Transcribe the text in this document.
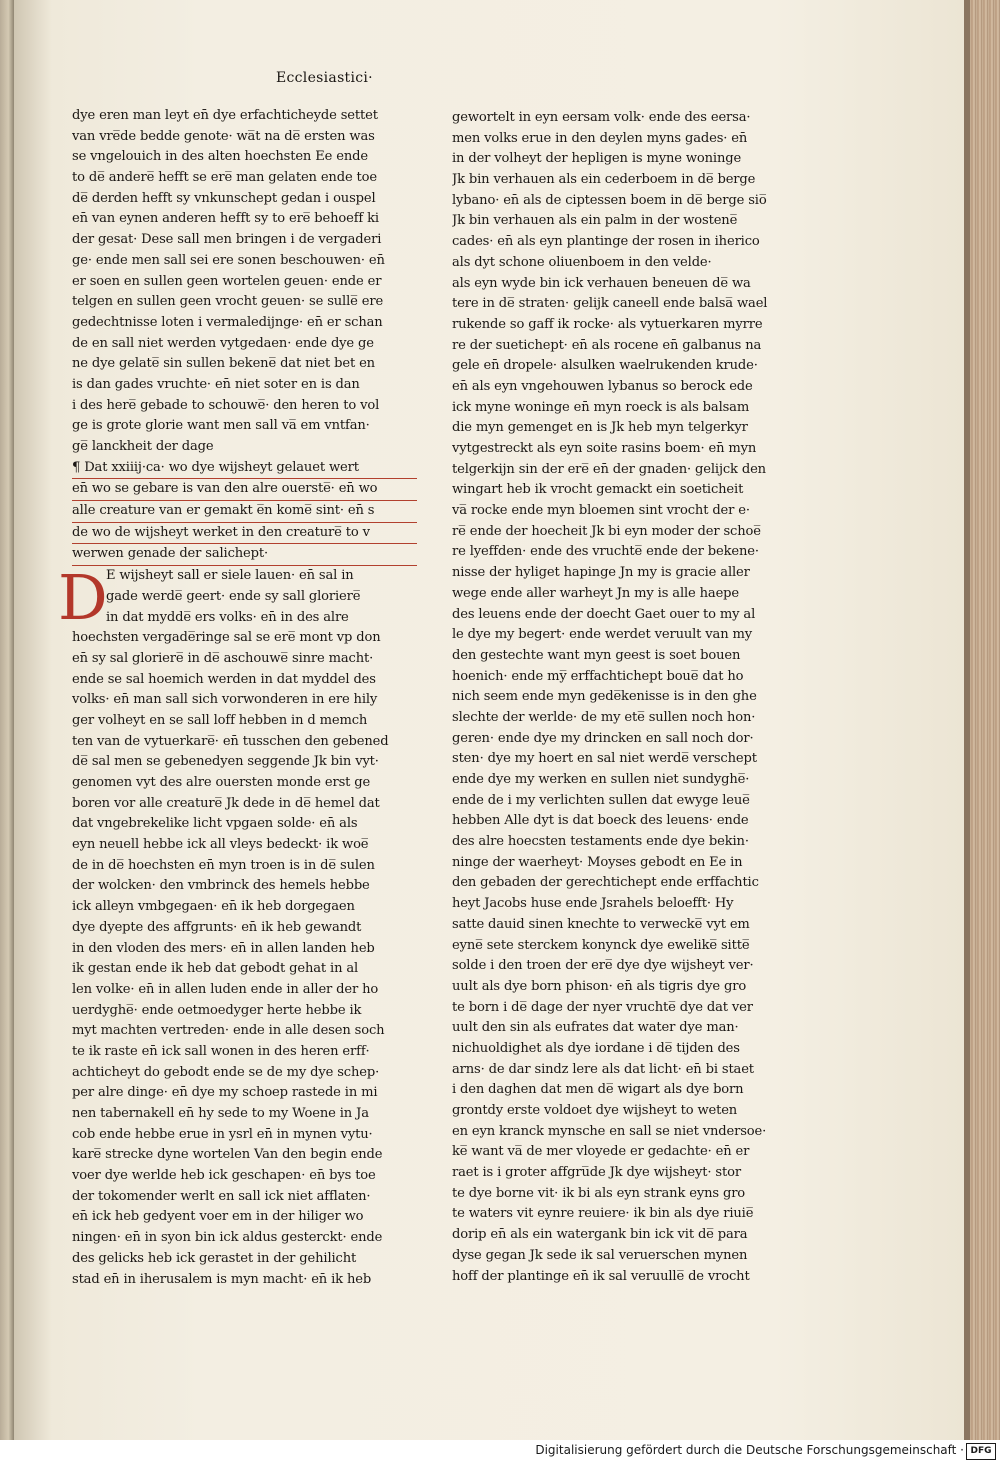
Ecclesiastici·
dye eren man leyt en̄ dye erfachticheyde settet
van vre̅de bedde genote· wa̅t na de̅ ersten was
se vngelouich in des alten hoechsten Ee ende
to de̅ andere̅ hefft se ere̅ man gelaten ende toe
de̅ derden hefft sy vnkunschept gedan i ouspel
en̄ van eynen anderen hefft sy to ere̅ behoeff ki
der gesat· Dese sall men bringen i de vergaderi
ge· ende men sall sei ere sonen beschouwen· en̄
er soen en sullen geen wortelen geuen· ende er
telgen en sullen geen vrocht geuen· se sulle̅ ere
gedechtnisse loten i vermaledijnge· en̄ er schan
de en sall niet werden vytgedaen· ende dye ge
ne dye gelate̅ sin sullen bekene̅ dat niet bet en
is dan gades vruchte· en̄ niet soter en is dan
i des here̅ gebade to schouwe̅· den heren to vol
ge is grote glorie want men sall va̅ em vntfan·
ge̅ lanckheit der dage
¶ Dat xxiiij·ca· wo dye wijsheyt gelauet wert
en̄ wo se gebare is van den alre ouerste̅· en̄ wo
alle creature van er gemakt e̅n kome̅ sint· en̄ s
de wo de wijsheyt werket in den creature̅ to v
werwen genade der salichept·
D
E wijsheyt sall er siele lauen· en̄ sal in
gade werde̅ geert· ende sy sall gloriere̅
in dat mydde̅ ers volks· en̄ in des alre
hoechsten vergade̅ringe sal se ere̅ mont vp don
en̄ sy sal gloriere̅ in de̅ aschouwe̅ sinre macht·
ende se sal hoemich werden in dat myddel des
volks· en̄ man sall sich vorwonderen in ere hily
ger volheyt en se sall loff hebben in d memch
ten van de vytuerkare̅· en̄ tusschen den gebened
de̅ sal men se gebenedyen seggende Jk bin vyt·
genomen vyt des alre ouersten monde erst ge
boren vor alle creature̅ Jk dede in de̅ hemel dat
dat vngebrekelike licht vpgaen solde· en̄ als
eyn neuell hebbe ick all vleys bedeckt· ik woe̅
de in de̅ hoechsten en̄ myn troen is in de̅ sulen
der wolcken· den vmbrinck des hemels hebbe
ick alleyn vmbgegaen· en̄ ik heb dorgegaen
dye dyepte des affgrunts· en̄ ik heb gewandt
in den vloden des mers· en̄ in allen landen heb
ik gestan ende ik heb dat gebodt gehat in al
len volke· en̄ in allen luden ende in aller der ho
uerdyghe̅· ende oetmoedyger herte hebbe ik
myt machten vertreden· ende in alle desen soch
te ik raste en̄ ick sall wonen in des heren erff·
achticheyt do gebodt ende se de my dye schep·
per alre dinge· en̄ dye my schoep rastede in mi
nen tabernakell en̄ hy sede to my Woene in Ja
cob ende hebbe erue in ysrl en̄ in mynen vytu·
kare̅ strecke dyne wortelen Van den begin ende
voer dye werlde heb ick geschapen· en̄ bys toe
der tokomender werlt en sall ick niet afflaten·
en̄ ick heb gedyent voer em in der hiliger wo
ningen· en̄ in syon bin ick aldus gesterckt· ende
des gelicks heb ick gerastet in der gehilicht
stad en̄ in iherusalem is myn macht· en̄ ik heb
gewortelt in eyn eersam volk· ende des eersa·
men volks erue in den deylen myns gades· en̄
in der volheyt der hepligen is myne woninge
Jk bin verhauen als ein cederboem in de̅ berge
lybano· en̄ als de ciptessen boem in de̅ berge sio̅
Jk bin verhauen als ein palm in der wostene̅
cades· en̄ als eyn plantinge der rosen in iherico
als dyt schone oliuenboem in den velde·
als eyn wyde bin ick verhauen beneuen de̅ wa
tere in de̅ straten· gelijk caneell ende balsa̅ wael
rukende so gaff ik rocke· als vytuerkaren myrre
re der suetichept· en̄ als rocene en̄ galbanus na
gele en̄ dropele· alsulken waelrukenden krude·
en̄ als eyn vngehouwen lybanus so berock ede
ick myne woninge en̄ myn roeck is als balsam
die myn gemenget en is Jk heb myn telgerkyr
vytgestreckt als eyn soite rasins boem· en̄ myn
telgerkijn sin der ere̅ en̄ der gnaden· gelijck den
wingart heb ik vrocht gemackt ein soeticheit
va̅ rocke ende myn bloemen sint vrocht der e·
re̅ ende der hoecheit Jk bi eyn moder der schoe̅
re lyeffden· ende des vruchte̅ ende der bekene·
nisse der hyliget hapinge Jn my is gracie aller
wege ende aller warheyt Jn my is alle haepe
des leuens ende der doecht Gaet ouer to my al
le dye my begert· ende werdet veruult van my
den gestechte want myn geest is soet bouen
hoenich· ende my̅ erffachtichept boue̅ dat ho
nich seem ende myn gede̅kenisse is in den ghe
slechte der werlde· de my ete̅ sullen noch hon·
geren· ende dye my drincken en sall noch dor·
sten· dye my hoert en sal niet werde̅ verschept
ende dye my werken en sullen niet sundyghe̅·
ende de i my verlichten sullen dat ewyge leue̅
hebben Alle dyt is dat boeck des leuens· ende
des alre hoecsten testaments ende dye bekin·
ninge der waerheyt· Moyses gebodt en Ee in
den gebaden der gerechtichept ende erffachtic
heyt Jacobs huse ende Jsrahels beloefft· Hy
satte dauid sinen knechte to verwecke̅ vyt em
eyne̅ sete sterckem konynck dye ewelike̅ sitte̅
solde i den troen der ere̅ dye dye wijsheyt ver·
uult als dye born phison· en̄ als tigris dye gro
te born i de̅ dage der nyer vruchte̅ dye dat ver
uult den sin als eufrates dat water dye man·
nichuoldighet als dye iordane i de̅ tijden des
arns· de dar sindz lere als dat licht· en̄ bi staet
i den daghen dat men de̅ wigart als dye born
grontdy erste voldoet dye wijsheyt to weten
en eyn kranck mynsche en sall se niet vndersoe·
ke̅ want va̅ de mer vloyede er gedachte· en̄ er
raet is i groter affgru̅de Jk dye wijsheyt· stor
te dye borne vit· ik bi als eyn strank eyns gro
te waters vit eynre reuiere· ik bin als dye riuie̅
dorip en̄ als ein watergank bin ick vit de̅ para
dyse gegan Jk sede ik sal veruerschen mynen
hoff der plantinge en̄ ik sal veruulle̅ de vrocht
Digitalisierung gefördert durch die Deutsche Forschungsgemeinschaft · DFG
